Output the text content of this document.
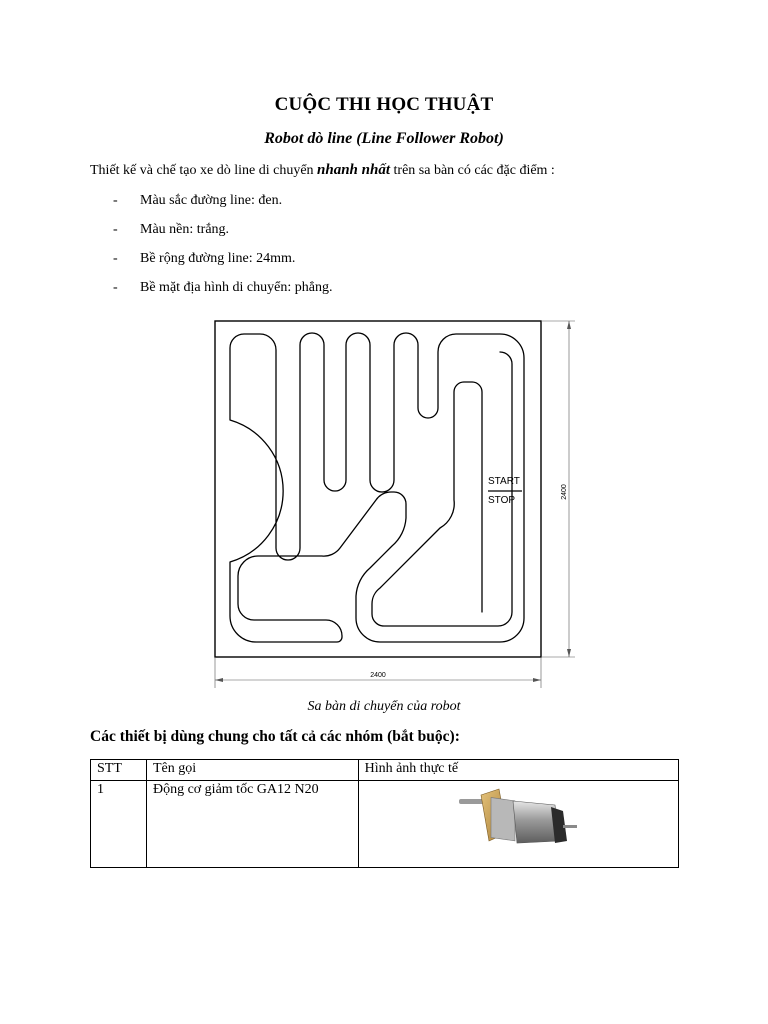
CUỘC THI HỌC THUẬT
Robot dò line (Line Follower Robot)
Thiết kế và chế tạo xe dò line di chuyển nhanh nhất trên sa bàn có các đặc điểm :
- Màu sắc đường line: đen.
- Màu nền: trắng.
- Bề rộng đường line: 24mm.
- Bề mặt địa hình di chuyển: phẳng.
START
STOP
2400
2400
Sa bàn di chuyển của robot
Các thiết bị dùng chung cho tất cả các nhóm (bắt buộc):
STT	Tên gọi	Hình ảnh thực tế
1	Động cơ giảm tốc GA12 N20	
